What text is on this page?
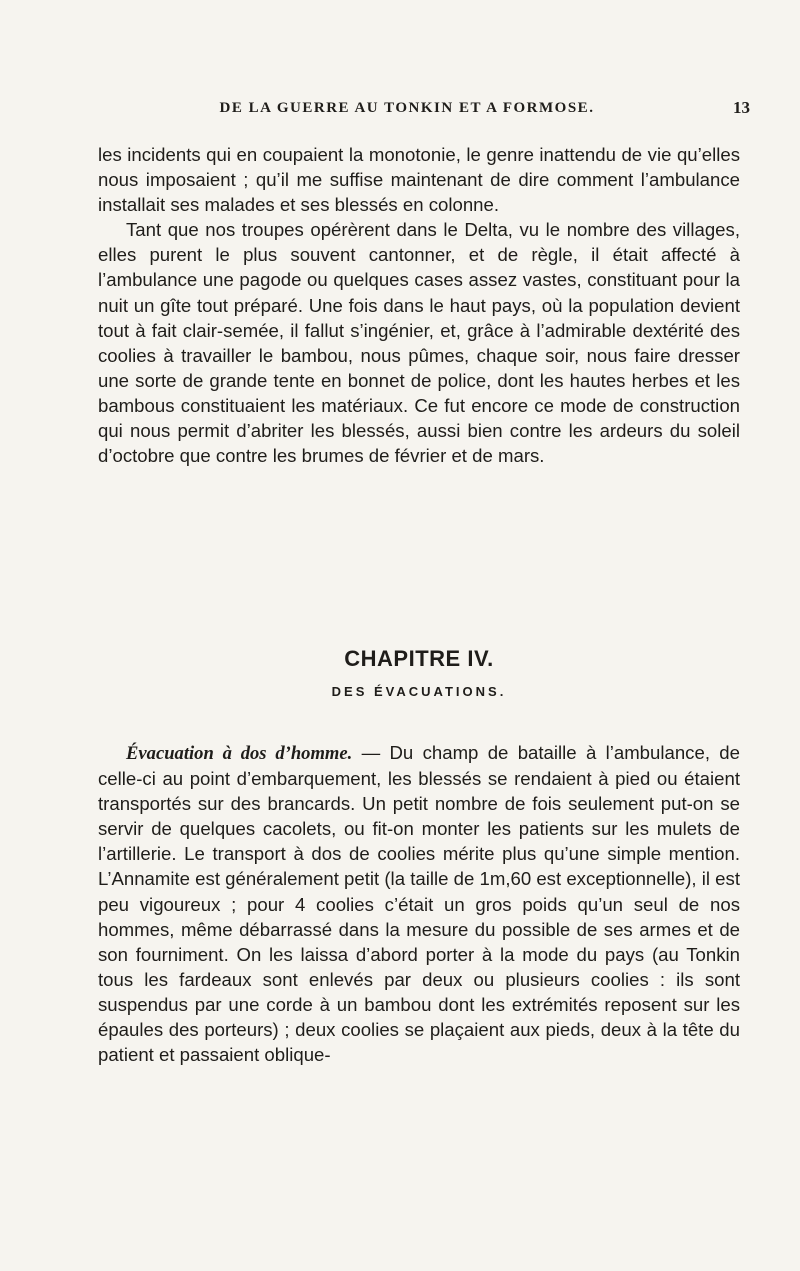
DE LA GUERRE AU TONKIN ET A FORMOSE.	13

les incidents qui en coupaient la monotonie, le genre inattendu de vie qu’elles nous imposaient ; qu’il me suffise maintenant de dire comment l’ambulance installait ses malades et ses blessés en colonne.

Tant que nos troupes opérèrent dans le Delta, vu le nombre des villages, elles purent le plus souvent cantonner, et de règle, il était affecté à l’ambulance une pagode ou quelques cases assez vastes, constituant pour la nuit un gîte tout préparé. Une fois dans le haut pays, où la population devient tout à fait clair-semée, il fallut s’ingénier, et, grâce à l’admirable dextérité des coolies à travailler le bambou, nous pûmes, chaque soir, nous faire dresser une sorte de grande tente en bonnet de police, dont les hautes herbes et les bambous constituaient les matériaux. Ce fut encore ce mode de construction qui nous permit d’abriter les blessés, aussi bien contre les ardeurs du soleil d’octobre que contre les brumes de février et de mars.

CHAPITRE IV.
DES ÉVACUATIONS.

Évacuation à dos d’homme. — Du champ de bataille à l’ambulance, de celle-ci au point d’embarquement, les blessés se rendaient à pied ou étaient transportés sur des brancards. Un petit nombre de fois seulement put-on se servir de quelques cacolets, ou fit-on monter les patients sur les mulets de l’artillerie. Le transport à dos de coolies mérite plus qu’une simple mention. L’Annamite est généralement petit (la taille de 1m,60 est exceptionnelle), il est peu vigoureux ; pour 4 coolies c’était un gros poids qu’un seul de nos hommes, même débarrassé dans la mesure du possible de ses armes et de son fourniment. On les laissa d’abord porter à la mode du pays (au Tonkin tous les fardeaux sont enlevés par deux ou plusieurs coolies : ils sont suspendus par une corde à un bambou dont les extrémités reposent sur les épaules des porteurs) ; deux coolies se plaçaient aux pieds, deux à la tête du patient et passaient oblique-
